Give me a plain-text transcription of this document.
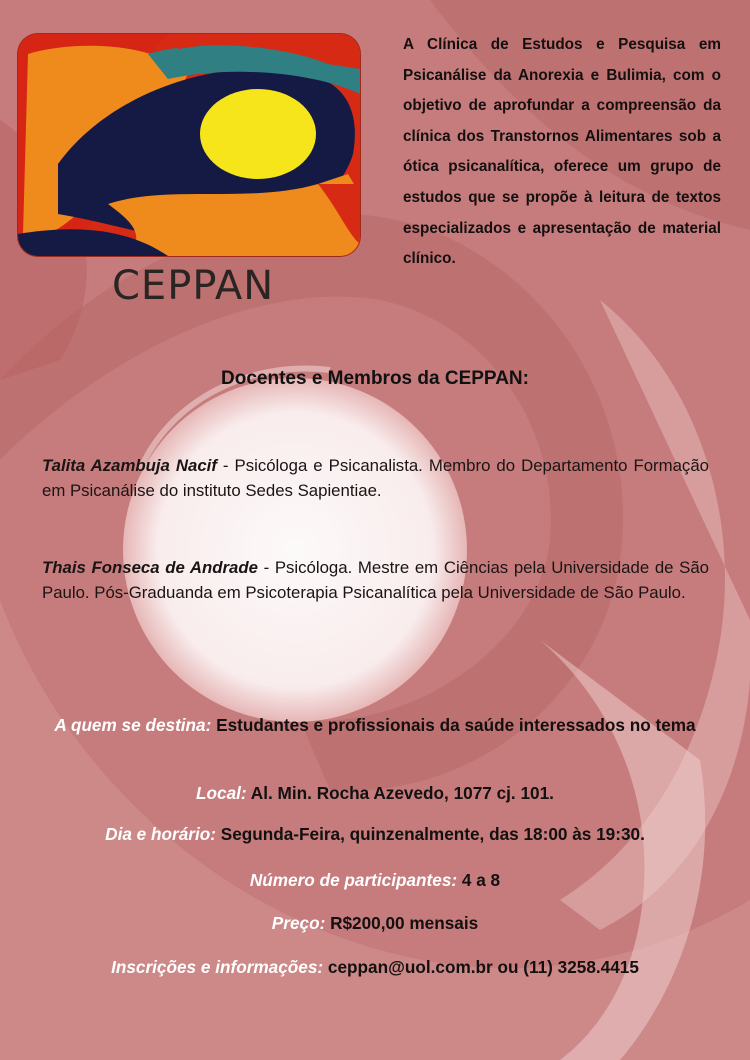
CEPPAN
A Clínica de Estudos e Pesquisa em Psicanálise da Anorexia e Bulimia, com o objetivo de aprofundar a compreensão da clínica dos Transtornos Alimentares sob a ótica psicanalítica, oferece um grupo de estudos que se propõe à leitura de textos especializados e apresentação de material clínico.
Docentes e Membros da CEPPAN:
Talita Azambuja Nacif - Psicóloga e Psicanalista. Membro do Departamento Formação em Psicanálise do instituto Sedes Sapientiae.
Thais Fonseca de Andrade - Psicóloga. Mestre em Ciências pela Universidade de São Paulo. Pós-Graduanda em Psicoterapia Psicanalítica pela Universidade de São Paulo.
A quem se destina: Estudantes e profissionais da saúde interessados no tema
Local: Al. Min. Rocha Azevedo, 1077 cj. 101.
Dia e horário: Segunda-Feira, quinzenalmente, das 18:00 às 19:30.
Número de participantes: 4 a 8
Preço: R$200,00 mensais
Inscrições e informações: ceppan@uol.com.br ou (11) 3258.4415
